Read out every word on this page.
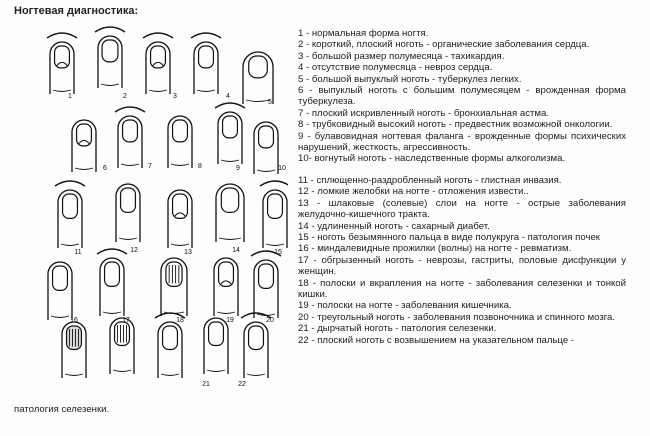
Ногтевая диагностика:
1	2	3	4
5
6	7	8	9	10
11	12	13	14	15
16	17	18	19	20
21	22
1 - нормальная форма ногтя.
2 - короткий, плоский ноготь - органические заболевания сердца.
3 - большой размер полумесяца - тахикардия.
4 - отсутствие полумесяца - невроз сердца.
5 - большой выпуклый ноготь - туберкулез легких.
6 - выпуклый ноготь с большим полумесяцем - врожденная форма туберкулеза.
7 - плоский искривленный ноготь - бронхиальная астма.
8 - трубковидный высокий ноготь - предвестник возможной онкологии.
9 - булавовидная ногтевая фаланга - врожденные формы психических нарушений, жесткость, агрессивность.
10- вогнутый ноготь - наследственные формы алкоголизма.
11 - сплющенно-раздробленный ноготь - глистная инвазия.
12 - ломкие желобки на ногте - отложения извести..
13 - шлаковые (солевые) слои на ногте - острые заболевания желудочно-кишечного тракта.
14 - удлиненный ноготь - сахарный диабет.
15 - ноготь безымянного пальца в виде полукруга - патология почек
16 - миндалевидные прожилки (волны) на ногте - ревматизм.
17 - обгрызенный ноготь - неврозы, гастриты, половые дисфункции у женщин.
18 - полоски и вкрапления на ногте - заболевания селезенки и тонкой кишки.
19 - полоски на ногте - заболевания кишечника.
20 - треугольный ноготь - заболевания позвоночника и спинного мозга.
21 - дырчатый ноготь - патология селезенки.
22 - плоский ноготь с возвышением на указательном пальце -
патология селезенки.
